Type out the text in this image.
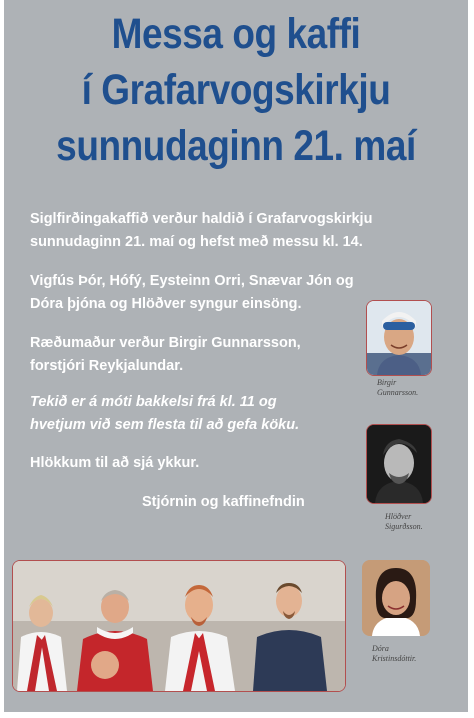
Messa og kaffi
í Grafarvogskirkju
sunnudaginn 21. maí
Siglfirðingakaffið verður haldið í Grafarvogskirkju
sunnudaginn 21. maí og hefst með messu kl. 14.
Vigfús Þór, Hófý, Eysteinn Orri, Snævar Jón og
Dóra þjóna og Hlöðver syngur einsöng.
Ræðumaður verður Birgir Gunnarsson,
forstjóri Reykjalundar.
Tekið er á móti bakkelsi frá kl. 11 og
hvetjum við sem flesta til að gefa köku.
Hlökkum til að sjá ykkur.
Stjórnin og kaffinefndin
Birgir
Gunnarsson.
Hlöðver
Sigurðsson.
Dóra
Kristinsdóttir.
